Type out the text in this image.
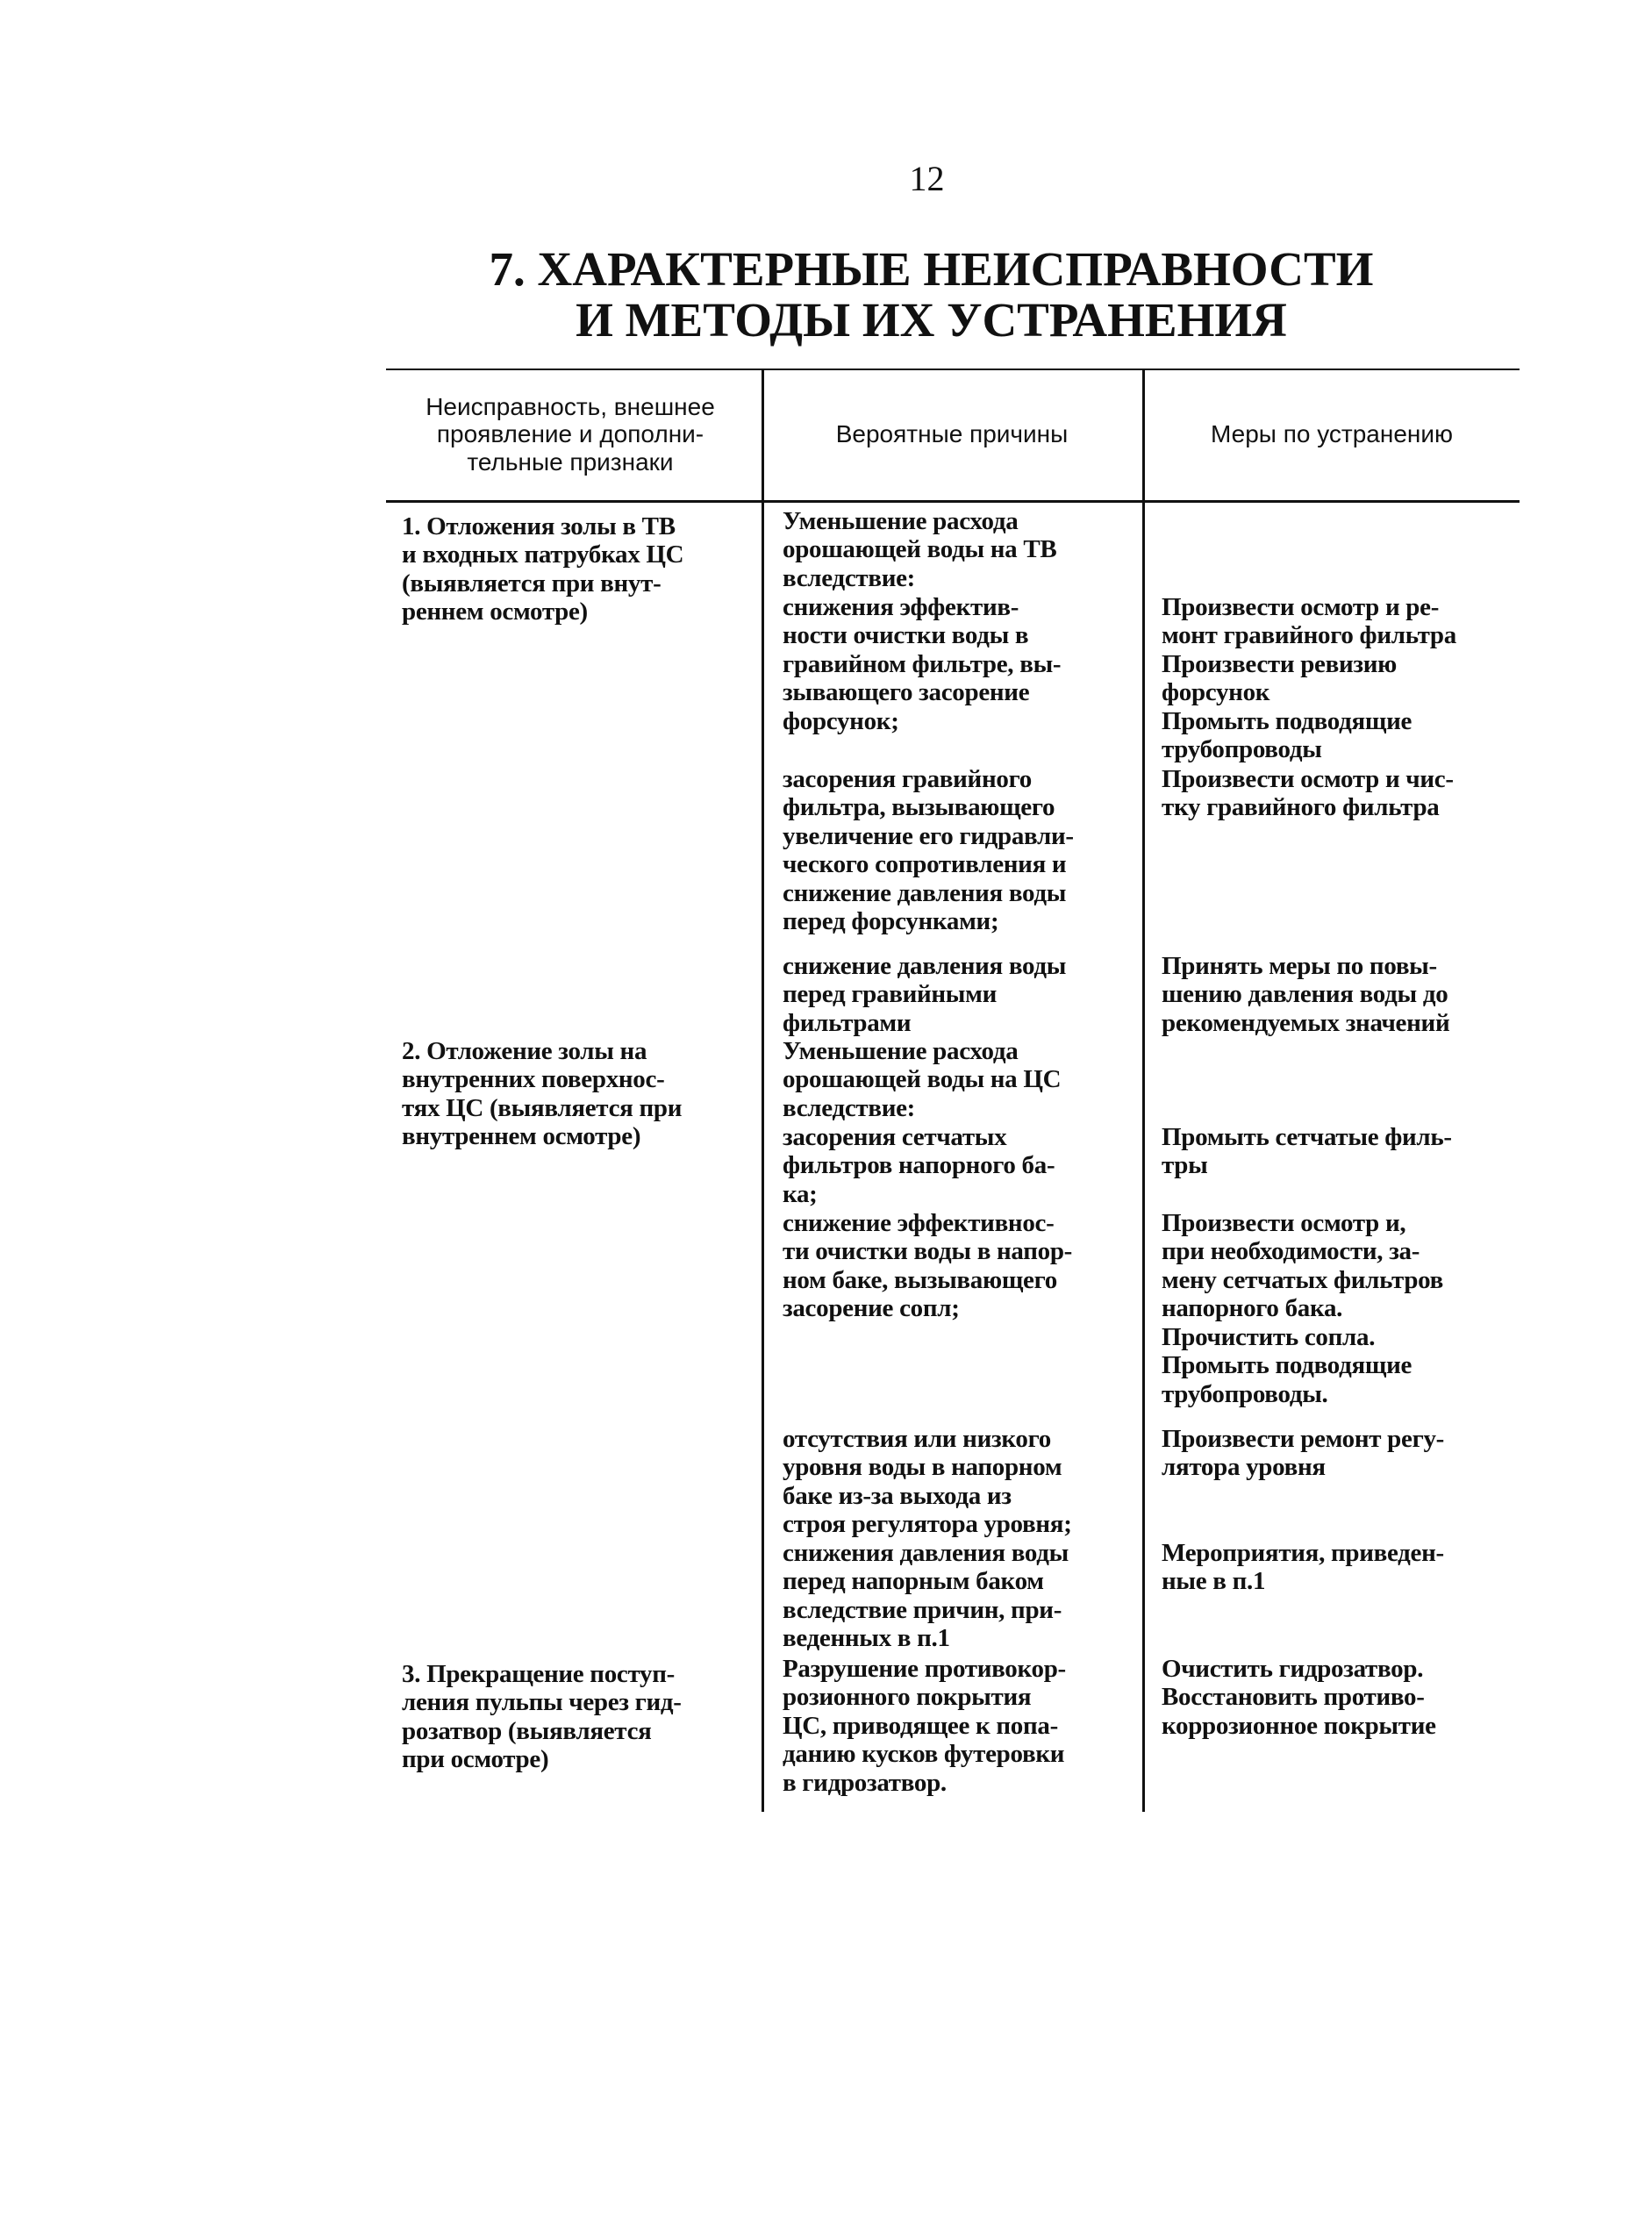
12
7. ХАРАКТЕРНЫЕ НЕИСПРАВНОСТИ
И МЕТОДЫ ИХ УСТРАНЕНИЯ
Неисправность, внешнее
проявление и дополни-
тельные признаки
Вероятные причины	Меры по устранению
1. Отложения золы в ТВ
и входных патрубках ЦС
(выявляется при внут-
реннем осмотре)
2. Отложение золы на
внутренних поверхнос-
тях ЦС (выявляется при
внутреннем осмотре)
3. Прекращение поступ-
ления пульпы через гид-
розатвор (выявляется
при осмотре)
Уменьшение расхода
орошающей воды на ТВ
вследствие:
снижения эффектив-
ности очистки воды в
гравийном фильтре, вы-
зывающего засорение
форсунок;
засорения гравийного
фильтра, вызывающего
увеличение его гидравли-
ческого сопротивления и
снижение давления воды
перед форсунками;
снижение давления воды
перед гравийными
фильтрами
Уменьшение расхода
орошающей воды на ЦС
вследствие:
засорения сетчатых
фильтров напорного ба-
ка;
снижение эффективнос-
ти очистки воды в напор-
ном баке, вызывающего
засорение сопл;
отсутствия или низкого
уровня воды в напорном
баке из-за выхода из
строя регулятора уровня;
снижения давления воды
перед напорным баком
вследствие причин, при-
веденных в п.1
Разрушение противокор-
розионного покрытия
ЦС, приводящее к попа-
данию кусков футеровки
в гидрозатвор.
Произвести осмотр и ре-
монт гравийного фильтра
Произвести ревизию
форсунок
Промыть подводящие
трубопроводы
Произвести осмотр и чис-
тку гравийного фильтра
Принять меры по повы-
шению давления воды до
рекомендуемых значений
Промыть сетчатые филь-
тры
Произвести осмотр и,
при необходимости, за-
мену сетчатых фильтров
напорного бака.
Прочистить сопла.
Промыть подводящие
трубопроводы.
Произвести ремонт регу-
лятора уровня
Мероприятия, приведен-
ные в п.1
Очистить гидрозатвор.
Восстановить противо-
коррозионное покрытие
